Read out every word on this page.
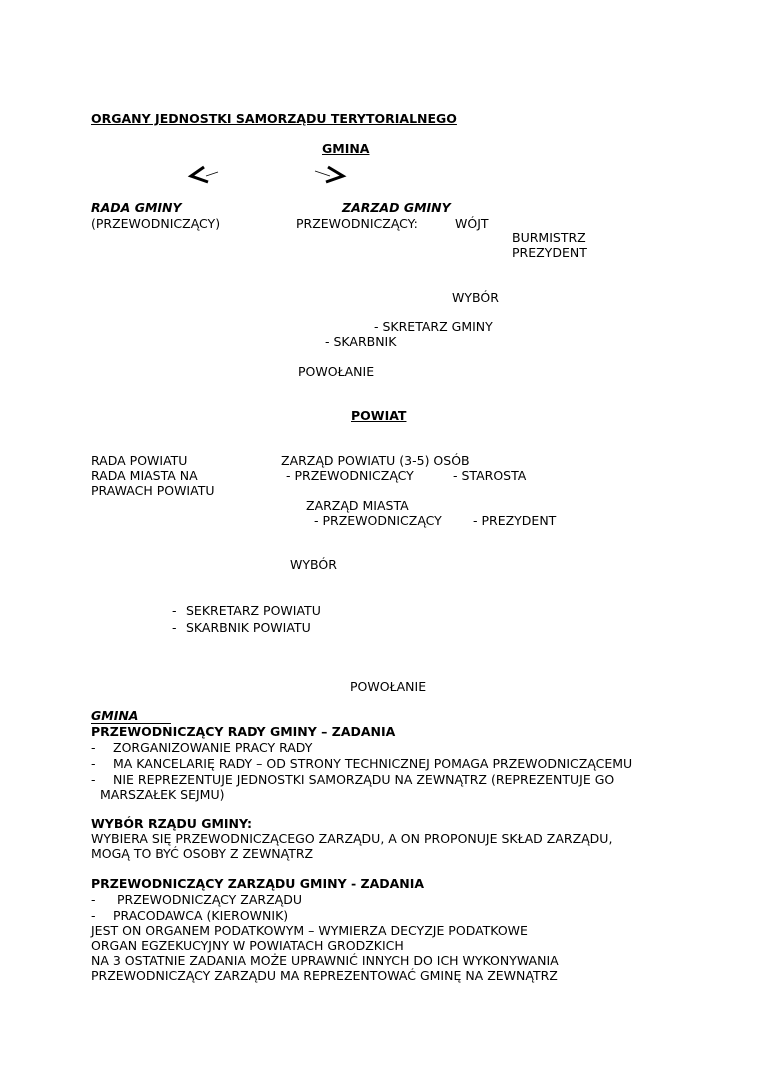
ORGANY JEDNOSTKI SAMORZĄDU TERYTORIALNEGO
GMINA
RADA GMINY
(PRZEWODNICZĄCY)
ZARZAD GMINY
PRZEWODNICZĄCY:	WÓJT
BURMISTRZ
PREZYDENT
WYBÓR
- SKRETARZ GMINY
- SKARBNIK
POWOŁANIE
POWIAT
RADA POWIATU
RADA MIASTA NA
PRAWACH POWIATU
ZARZĄD POWIATU (3-5) OSÓB
- PRZEWODNICZĄCY	- STAROSTA
ZARZĄD MIASTA
- PRZEWODNICZĄCY - PREZYDENT
WYBÓR
- SEKRETARZ POWIATU
- SKARBNIK POWIATU
POWOŁANIE
GMINA
PRZEWODNICZĄCY RADY GMINY – ZADANIA
- ZORGANIZOWANIE PRACY RADY
- MA KANCELARIĘ RADY – OD STRONY TECHNICZNEJ POMAGA PRZEWODNICZĄCEMU
- NIE REPREZENTUJE JEDNOSTKI SAMORZĄDU NA ZEWNĄTRZ (REPREZENTUJE GO
MARSZAŁEK SEJMU)
WYBÓR RZĄDU GMINY:
WYBIERA SIĘ PRZEWODNICZĄCEGO ZARZĄDU, A ON PROPONUJE SKŁAD ZARZĄDU,
MOGĄ TO BYĆ OSOBY Z ZEWNĄTRZ
PRZEWODNICZĄCY ZARZĄDU GMINY - ZADANIA
- PRZEWODNICZĄCY ZARZĄDU
- PRACODAWCA (KIEROWNIK)
JEST ON ORGANEM PODATKOWYM – WYMIERZA DECYZJE PODATKOWE
ORGAN EGZEKUCYJNY W POWIATACH GRODZKICH
NA 3 OSTATNIE ZADANIA MOŻE UPRAWNIĆ INNYCH DO ICH WYKONYWANIA
PRZEWODNICZĄCY ZARZĄDU MA REPREZENTOWAĆ GMINĘ NA ZEWNĄTRZ
